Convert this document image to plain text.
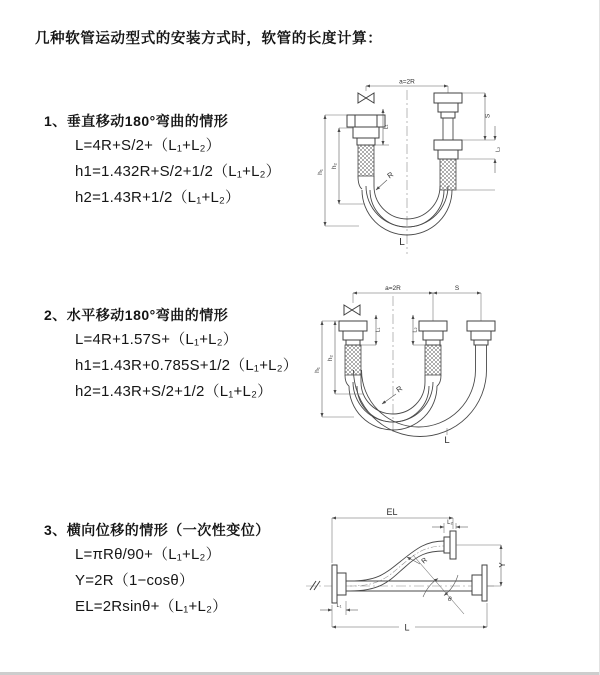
几种软管运动型式的安装方式时，软管的长度计算：
1、垂直移动180°弯曲的情形
L=4R+S/2+（L₁+L₂）
h1=1.432R+S/2+1/2（L₁+L₂）
h2=1.43R+1/2（L₁+L₂）
2、水平移动180°弯曲的情形
L=4R+1.57S+（L₁+L₂）
h1=1.43R+0.785S+1/2（L₁+L₂）
h2=1.43R+S/2+1/2（L₁+L₂）
3、横向位移的情形（一次性变位）
L=πRθ/90+（L₁+L₂）
Y=2R（1−cosθ）
EL=2Rsinθ+（L₁+L₂）
a=2R
h₁
h₂
L₁
S
L₂
R
L
a=2R	S
h₁
h₂
L₁	L₂
R
L
EL
L₂
Y
θ
R
L
L₁
